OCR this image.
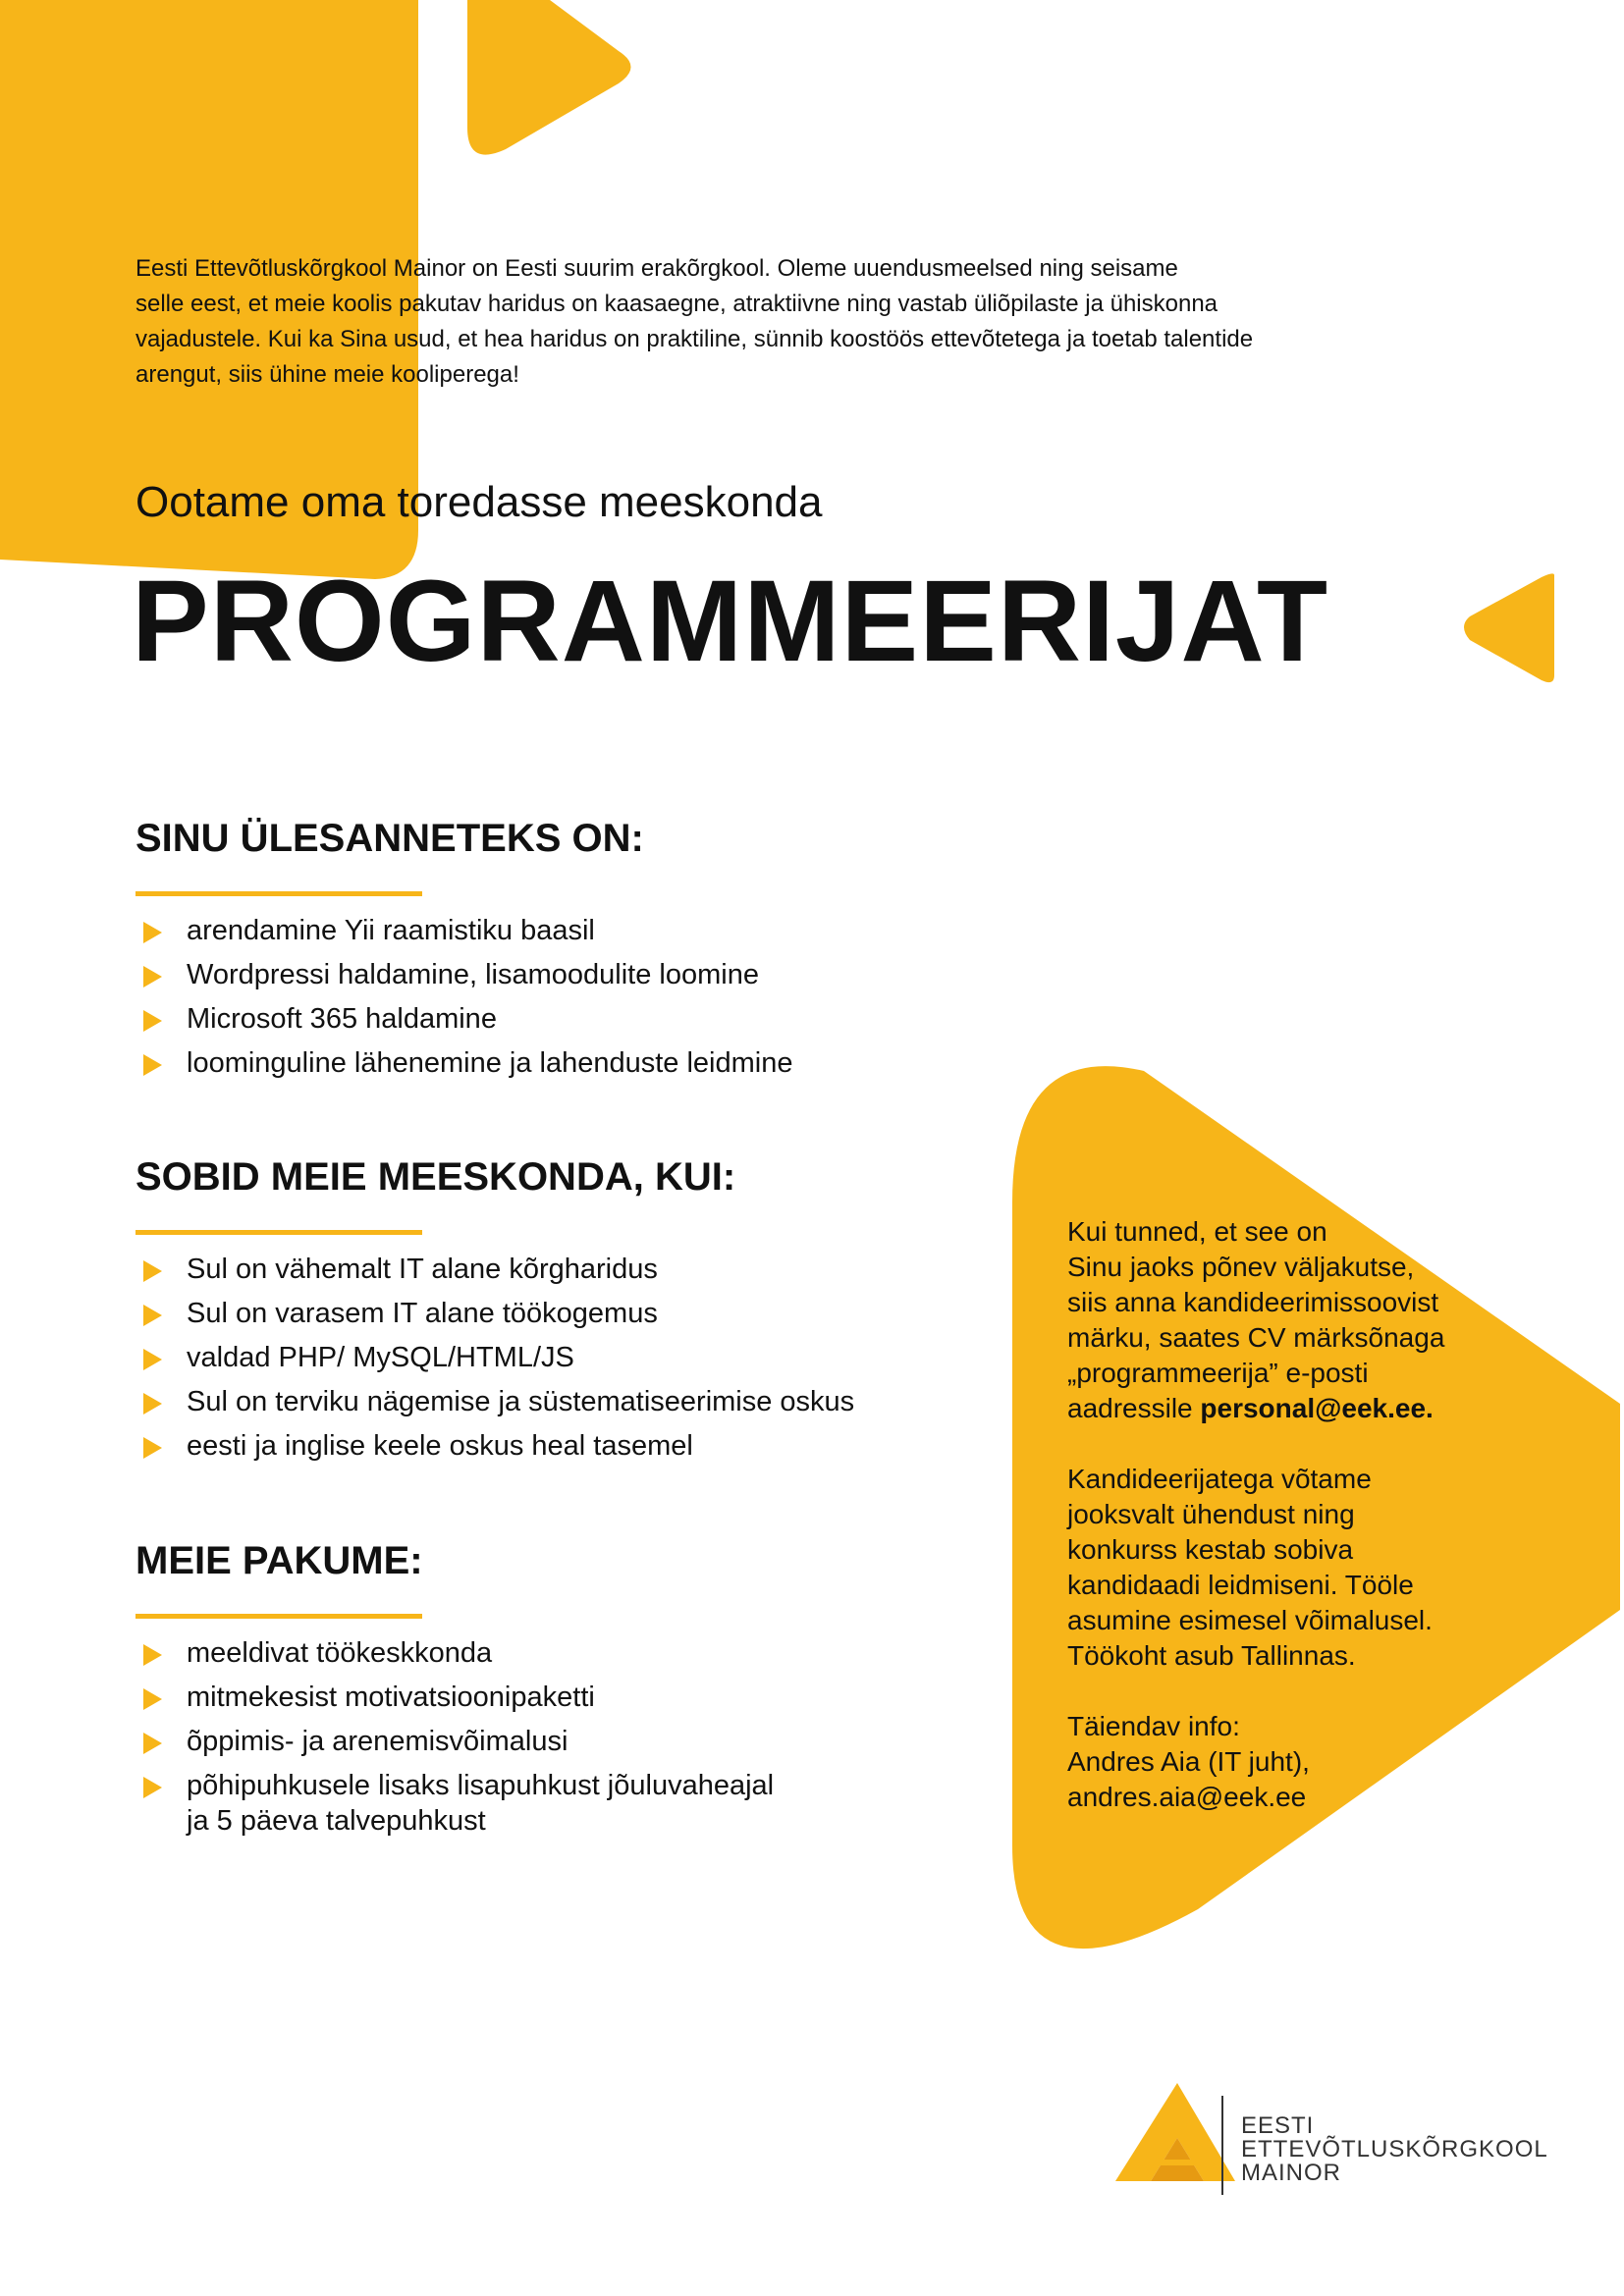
Eesti Ettevõtluskõrgkool Mainor on Eesti suurim erakõrgkool. Oleme uuendusmeelsed ning seisame
selle eest, et meie koolis pakutav haridus on kaasaegne, atraktiivne ning vastab üliõpilaste ja ühiskonna
vajadustele. Kui ka Sina usud, et hea haridus on praktiline, sünnib koostöös ettevõtetega ja toetab talentide
arengut, siis ühine meie kooliperega!

Ootame oma toredasse meeskonda
PROGRAMMEERIJAT
SINU ÜLESANNETEKS ON:
arendamine Yii raamistiku baasil
Wordpressi haldamine, lisamoodulite loomine
Microsoft 365 haldamine
loominguline lähenemine ja lahenduste leidmine
SOBID MEIE MEESKONDA, KUI:
Sul on vähemalt IT alane kõrgharidus
Sul on varasem IT alane töökogemus
valdad PHP/ MySQL/HTML/JS
Sul on terviku nägemise ja süstematiseerimise oskus
eesti ja inglise keele oskus heal tasemel
MEIE PAKUME:
meeldivat töökeskkonda
mitmekesist motivatsioonipaketti
õppimis- ja arenemisvõimalusi
põhipuhkusele lisaks lisapuhkust jõuluvaheajal
ja 5 päeva talvepuhkust

Kui tunned, et see on
Sinu jaoks põnev väljakutse,
siis anna kandideerimissoovist
märku, saates CV märksõnaga
„programmeerija” e-posti
aadressile personal@eek.ee.

Kandideerijatega võtame
jooksvalt ühendust ning
konkurss kestab sobiva
kandidaadi leidmiseni. Tööle
asumine esimesel võimalusel.
Töökoht asub Tallinnas.

Täiendav info:
Andres Aia (IT juht),
andres.aia@eek.ee

EESTI
ETTEVÕTLUSKÕRGKOOL
MAINOR
